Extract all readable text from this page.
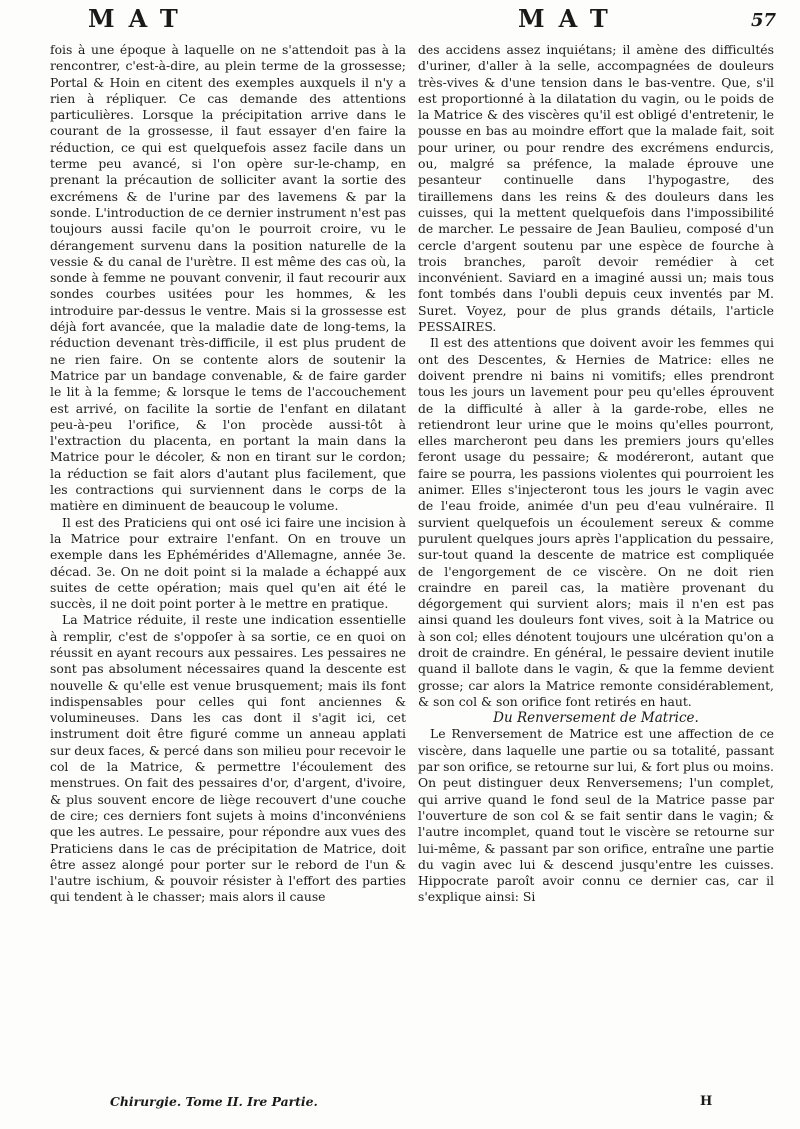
MAT	MAT	57

fois à une époque à laquelle on ne s'attendoit pas à la rencontrer, c'est-à-dire, au plein terme de la grossesse; Portal & Hoin en citent des exemples auxquels il n'y a rien à répliquer. Ce cas demande des attentions particulières. Lorsque la précipitation arrive dans le courant de la grossesse, il faut essayer d'en faire la réduction, ce qui est quelquefois assez facile dans un terme peu avancé, si l'on opère sur-le-champ, en prenant la précaution de solliciter avant la sortie des excrémens & de l'urine par des lavemens & par la sonde. L'introduction de ce dernier instrument n'est pas toujours aussi facile qu'on le pourroit croire, vu le dérangement survenu dans la position naturelle de la vessie & du canal de l'urètre. Il est même des cas où, la sonde à femme ne pouvant convenir, il faut recourir aux sondes courbes usitées pour les hommes, & les introduire par-dessus le ventre. Mais si la grossesse est déjà fort avancée, que la maladie date de long-tems, la réduction devenant très-difficile, il est plus prudent de ne rien faire. On se contente alors de soutenir la Matrice par un bandage convenable, & de faire garder le lit à la femme; & lorsque le tems de l'accouchement est arrivé, on facilite la sortie de l'enfant en dilatant peu-à-peu l'orifice, & l'on procède aussi-tôt à l'extraction du placenta, en portant la main dans la Matrice pour le décoler, & non en tirant sur le cordon; la réduction se fait alors d'autant plus facilement, que les contractions qui surviennent dans le corps de la matière en diminuent de beaucoup le volume.

Il est des Praticiens qui ont osé ici faire une incision à la Matrice pour extraire l'enfant. On en trouve un exemple dans les Ephémérides d'Allemagne, année 3e. décad. 3e. On ne doit point si la malade a échappé aux suites de cette opération; mais quel qu'en ait été le succès, il ne doit point porter à le mettre en pratique.

La Matrice réduite, il reste une indication essentielle à remplir, c'est de s'oppoſer à sa sortie, ce en quoi on réussit en ayant recours aux pessaires. Les pessaires ne sont pas absolument nécessaires quand la descente est nouvelle & qu'elle est venue brusquement; mais ils font indispensables pour celles qui font anciennes & volumineuses. Dans les cas dont il s'agit ici, cet instrument doit être figuré comme un anneau applati sur deux faces, & percé dans son milieu pour recevoir le col de la Matrice, & permettre l'écoulement des menstrues. On fait des pessaires d'or, d'argent, d'ivoire, & plus souvent encore de liège recouvert d'une couche de cire; ces derniers font sujets à moins d'inconvéniens que les autres. Le pessaire, pour répondre aux vues des Praticiens dans le cas de précipitation de Matrice, doit être assez alongé pour porter sur le rebord de l'un & l'autre ischium, & pouvoir résister à l'effort des parties qui tendent à le chasser; mais alors il cause

des accidens assez inquiétans; il amène des difficultés d'uriner, d'aller à la selle, accompagnées de douleurs très-vives & d'une tension dans le bas-ventre. Que, s'il est proportionné à la dilatation du vagin, ou le poids de la Matrice & des viscères qu'il est obligé d'entretenir, le pousse en bas au moindre effort que la malade fait, soit pour uriner, ou pour rendre des excrémens endurcis, ou, malgré sa préfence, la malade éprouve une pesanteur continuelle dans l'hypogastre, des tiraillemens dans les reins & des douleurs dans les cuisses, qui la mettent quelquefois dans l'impossibilité de marcher. Le pessaire de Jean Baulieu, composé d'un cercle d'argent soutenu par une espèce de fourche à trois branches, paroît devoir remédier à cet inconvénient. Saviard en a imaginé aussi un; mais tous font tombés dans l'oubli depuis ceux inventés par M. Suret. Voyez, pour de plus grands détails, l'article PESSAIRES.

Il est des attentions que doivent avoir les femmes qui ont des Descentes, & Hernies de Matrice: elles ne doivent prendre ni bains ni vomitifs; elles prendront tous les jours un lavement pour peu qu'elles éprouvent de la difficulté à aller à la garde-robe, elles ne retiendront leur urine que le moins qu'elles pourront, elles marcheront peu dans les premiers jours qu'elles feront usage du pessaire; & modéreront, autant que faire se pourra, les passions violentes qui pourroient les animer. Elles s'injecteront tous les jours le vagin avec de l'eau froide, animée d'un peu d'eau vulnéraire. Il survient quelquefois un écoulement sereux & comme purulent quelques jours après l'application du pessaire, sur-tout quand la descente de matrice est compliquée de l'engorgement de ce viscère. On ne doit rien craindre en pareil cas, la matière provenant du dégorgement qui survient alors; mais il n'en est pas ainsi quand les douleurs font vives, soit à la Matrice ou à son col; elles dénotent toujours une ulcération qu'on a droit de craindre. En général, le pessaire devient inutile quand il ballote dans le vagin, & que la femme devient grosse; car alors la Matrice remonte considérablement, & son col & son orifice font retirés en haut.

Du Renversement de Matrice.

Le Renversement de Matrice est une affection de ce viscère, dans laquelle une partie ou sa totalité, passant par son orifice, se retourne sur lui, & fort plus ou moins. On peut distinguer deux Renversemens; l'un complet, qui arrive quand le fond seul de la Matrice passe par l'ouverture de son col & se fait sentir dans le vagin; & l'autre incomplet, quand tout le viscère se retourne sur lui-même, & passant par son orifice, entraîne une partie du vagin avec lui & descend jusqu'entre les cuisses. Hippocrate paroît avoir connu ce dernier cas, car il s'explique ainsi: Si

Chirurgie. Tome II. Ire Partie.	H
